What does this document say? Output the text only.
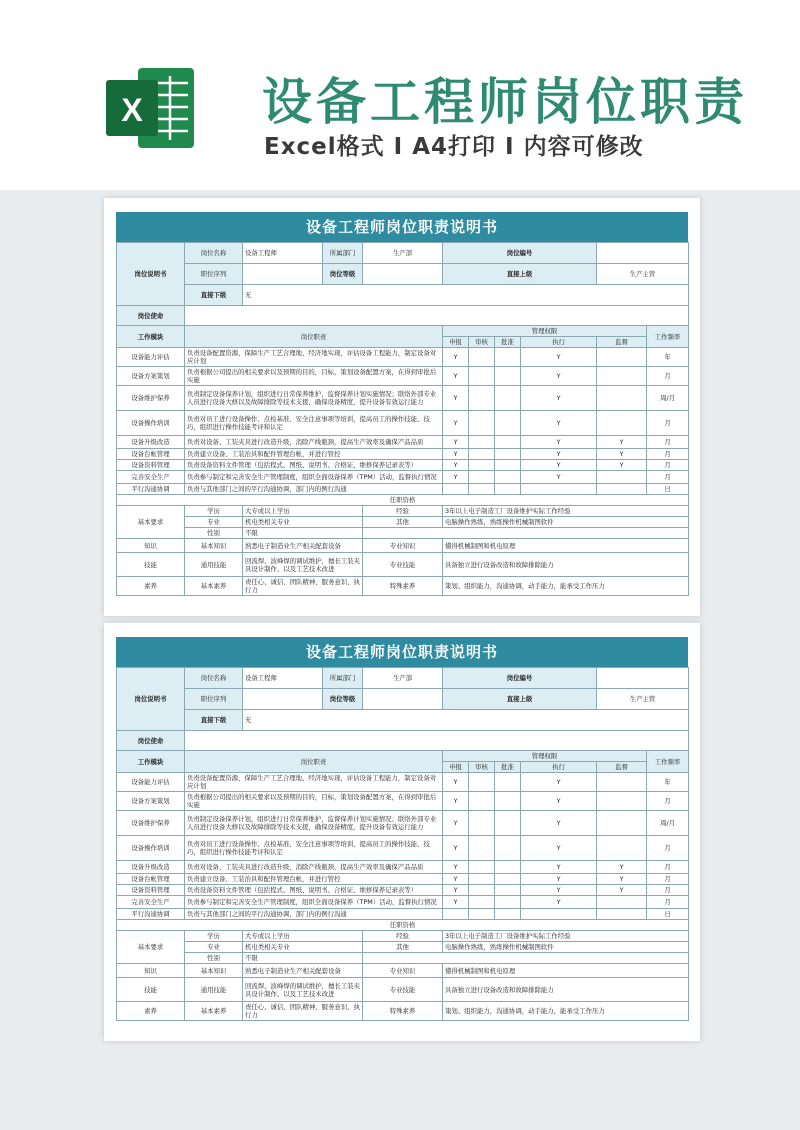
X 设备工程师岗位职责
Excel格式 I A4打印 I 内容可修改
设备工程师岗位职责说明书
岗位说明书	岗位名称	设备工程师	所属部门	生产部	岗位编号					
	职位序列		岗位等级		直接上级				生产主管	
	直接下级	无								
岗位使命										
工作模块	岗位职责				管理权限					工作频率
					申报	审核	批准	执行	监督	
设备能力评估	负责设备配置资源，保障生产工艺合理地、经济地实现，评估设备工程能力，制定设备对应计划				Y			Y		年
设备方案策划	负责根据公司提出的相关要求以及预期的目的，目标，策划设备配置方案，在得到审批后实施				Y			Y		月
设备维护保养	负责制定设备保养计划，组织进行日常保养维护，监督保养计划实施情况；联络外部专业人员进行设备大修以及故障排除等技术支援，确保设备精度，提升设备有效运行能力				Y			Y		周/月
设备操作培训	负责对员工进行设备操作、点检基准、安全注意事项等培训，提高员工的操作技能、技巧，组织进行操作技能考评和认定				Y			Y		月
设备升级改造	负责对设备、工装夹具进行改造升级，消除产线瓶颈，提高生产效率及确保产品品质				Y			Y	Y	月
设备台帐管理	负责建立设备、工装治具和配件管理台帐，并进行管控				Y			Y	Y	月
设备资料管理	负责设备资料文件管理（包括程式、图纸、说明书、合格证、维修保养记录表等）				Y			Y	Y	月
完善安全生产	负责参与制定和完善安全生产管理制度，组织全面设备保养（TPM）活动，监督执行情况				Y			Y		月
平行沟通协调	负责与其他部门之间的平行沟通协调，部门内的例行沟通									日
任职资格										
基本要求	学历	大专或以上学历		经验	3年以上电子制造工厂设备维护实际工作经验					
	专业	机电类相关专业		其他	电脑操作熟练，熟练操作机械制图软件					
	性别	不限								
知识	基本知识	熟悉电子制造业生产相关配套设备		专业知识	懂得机械制图和机电原理					
技能	通用技能	回流焊、波峰焊的调试维护，擅长工装夹具设计制作，以及工艺技术改进		专业技能	具备独立进行设备改造和故障排除能力					
素养	基本素养	责任心、诚信、团队精神、服务意识、执行力		特殊素养	策划、组织能力，沟通协调，动手能力，能承受工作压力					
设备工程师岗位职责说明书
岗位说明书	岗位名称	设备工程师	所属部门	生产部	岗位编号					
	职位序列		岗位等级		直接上级				生产主管	
	直接下级	无								
岗位使命										
工作模块	岗位职责				管理权限					工作频率
					申报	审核	批准	执行	监督	
设备能力评估	负责设备配置资源，保障生产工艺合理地、经济地实现，评估设备工程能力，制定设备对应计划				Y			Y		年
设备方案策划	负责根据公司提出的相关要求以及预期的目的，目标，策划设备配置方案，在得到审批后实施				Y			Y		月
设备维护保养	负责制定设备保养计划，组织进行日常保养维护，监督保养计划实施情况；联络外部专业人员进行设备大修以及故障排除等技术支援，确保设备精度，提升设备有效运行能力				Y			Y		周/月
设备操作培训	负责对员工进行设备操作、点检基准、安全注意事项等培训，提高员工的操作技能、技巧，组织进行操作技能考评和认定				Y			Y		月
设备升级改造	负责对设备、工装夹具进行改造升级，消除产线瓶颈，提高生产效率及确保产品品质				Y			Y	Y	月
设备台帐管理	负责建立设备、工装治具和配件管理台帐，并进行管控				Y			Y	Y	月
设备资料管理	负责设备资料文件管理（包括程式、图纸、说明书、合格证、维修保养记录表等）				Y			Y	Y	月
完善安全生产	负责参与制定和完善安全生产管理制度，组织全面设备保养（TPM）活动，监督执行情况				Y			Y		月
平行沟通协调	负责与其他部门之间的平行沟通协调，部门内的例行沟通									日
任职资格										
基本要求	学历	大专或以上学历		经验	3年以上电子制造工厂设备维护实际工作经验					
	专业	机电类相关专业		其他	电脑操作熟练，熟练操作机械制图软件					
	性别	不限								
知识	基本知识	熟悉电子制造业生产相关配套设备		专业知识	懂得机械制图和机电原理					
技能	通用技能	回流焊、波峰焊的调试维护，擅长工装夹具设计制作，以及工艺技术改进		专业技能	具备独立进行设备改造和故障排除能力					
素养	基本素养	责任心、诚信、团队精神、服务意识、执行力		特殊素养	策划、组织能力，沟通协调，动手能力，能承受工作压力					
